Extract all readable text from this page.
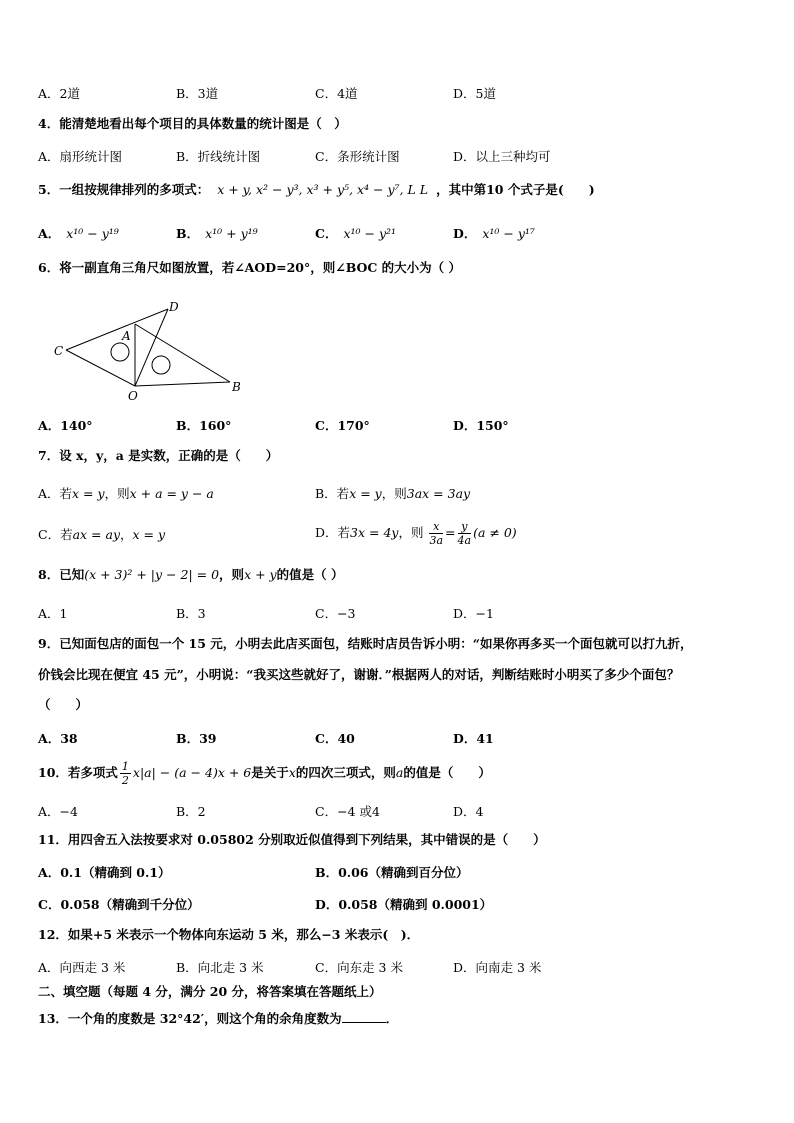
A．2道	B．3道	C．4道	D．5道
4．能清楚地看出每个项目的具体数量的统计图是（　）
A．扇形统计图	B．折线统计图	C．条形统计图	D．以上三种均可
5．一组按规律排列的多项式： x + y, x² − y³, x³ + y⁵, x⁴ − y⁷, L L ，其中第10 个式子是(　　)
A． x¹⁰ − y¹⁹	B． x¹⁰ + y¹⁹	C． x¹⁰ − y²¹	D． x¹⁰ − y¹⁷
6．将一副直角三角尺如图放置，若∠AOD=20°，则∠BOC 的大小为（ ）
C
A
D
O
B
A．140°	B．160°	C．170°	D．150°
7．设 x，y，a 是实数，正确的是（　　）
A．若x = y，则x + a = y − a	B．若x = y，则3ax = 3ay
C．若ax = ay，x = y	D．若3x = 4y，则 $\frac{x}{3a} = \frac{y}{4a} (a \ne 0)$
8．已知(x + 3)² + |y − 2| = 0，则x + y的值是（ ）
A．1	B．3	C．−3	D．−1
9．已知面包店的面包一个 15 元，小明去此店买面包，结账时店员告诉小明：“如果你再多买一个面包就可以打九折，
价钱会比现在便宜 45 元”，小明说：“我买这些就好了，谢谢．”根据两人的对话，判断结账时小明买了多少个面包？
（　　）
A．38	B．39	C．40	D．41
10．若多项式 $\frac{1}{2} x|a| - (a - 4)x + 6$是关于x的四次三项式，则a的值是（　　）
A．−4	B．2	C．−4 或4	D．4
11．用四舍五入法按要求对 0.05802 分别取近似值得到下列结果，其中错误的是（　　）
A．0.1（精确到 0.1）	B．0.06（精确到百分位）
C．0.058（精确到千分位）	D．0.058（精确到 0.0001）
12．如果+5 米表示一个物体向东运动 5 米，那么−3 米表示(　)．
A．向西走 3 米	B．向北走 3 米	C．向东走 3 米	D．向南走 3 米
二、填空题（每题 4 分，满分 20 分，将答案填在答题纸上）
13．一个角的度数是 32°42′，则这个角的余角度数为	．
